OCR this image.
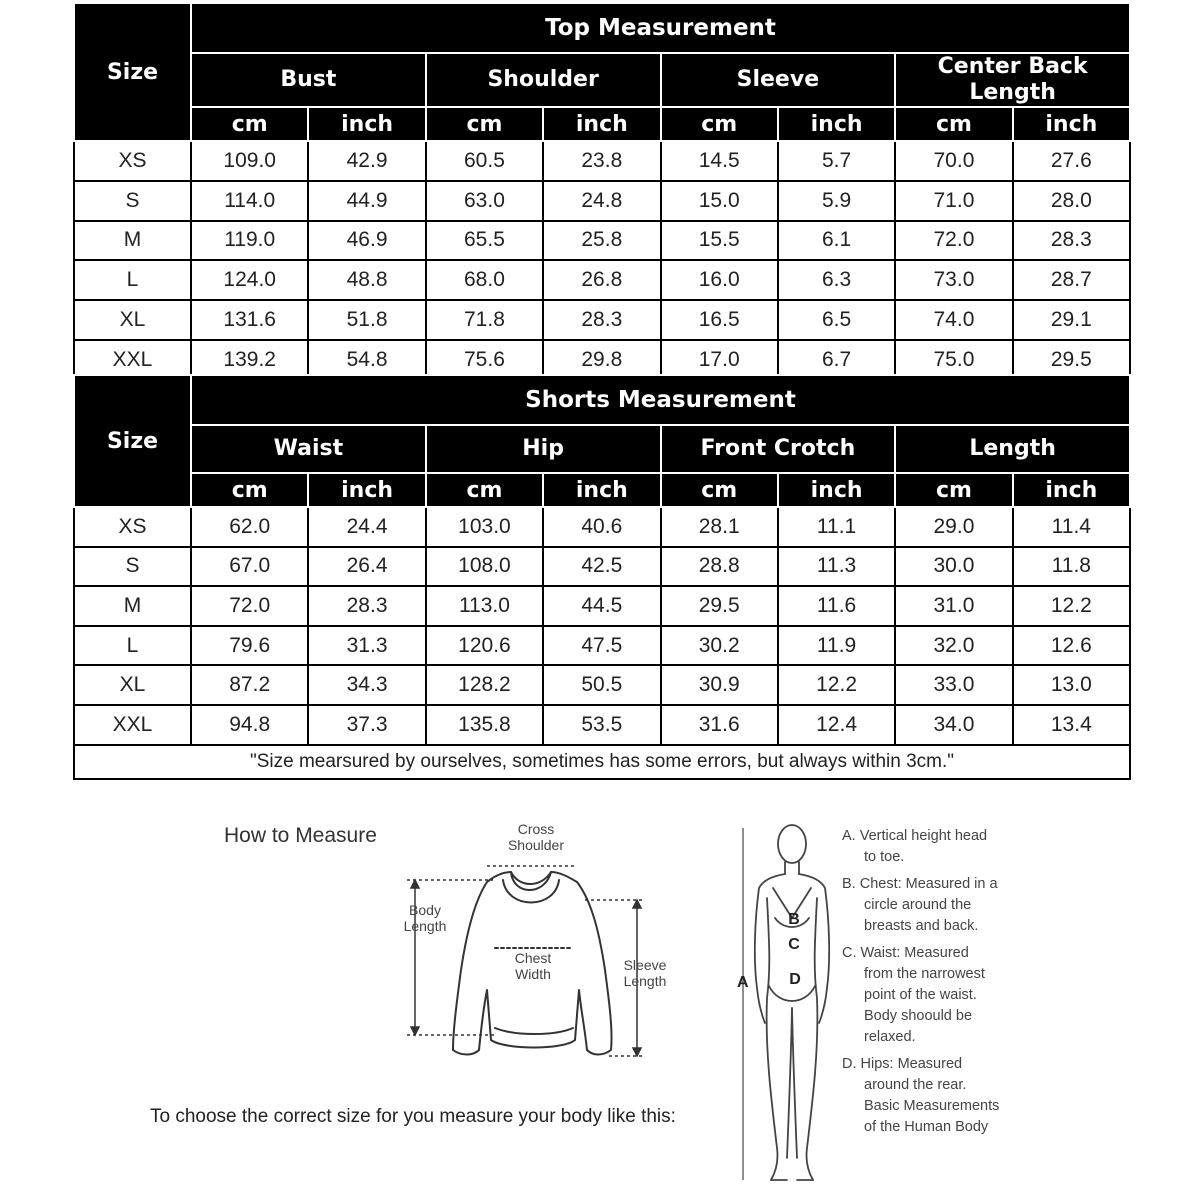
Size	Top Measurement							
	Bust		Shoulder		Sleeve		Center Back Length	
	cm	inch	cm	inch	cm	inch	cm	inch
XS	109.0	42.9	60.5	23.8	14.5	5.7	70.0	27.6
S	114.0	44.9	63.0	24.8	15.0	5.9	71.0	28.0
M	119.0	46.9	65.5	25.8	15.5	6.1	72.0	28.3
L	124.0	48.8	68.0	26.8	16.0	6.3	73.0	28.7
XL	131.6	51.8	71.8	28.3	16.5	6.5	74.0	29.1
XXL	139.2	54.8	75.6	29.8	17.0	6.7	75.0	29.5
Size	Shorts Measurement							
	Waist		Hip		Front Crotch		Length	
	cm	inch	cm	inch	cm	inch	cm	inch
XS	62.0	24.4	103.0	40.6	28.1	11.1	29.0	11.4
S	67.0	26.4	108.0	42.5	28.8	11.3	30.0	11.8
M	72.0	28.3	113.0	44.5	29.5	11.6	31.0	12.2
L	79.6	31.3	120.6	47.5	30.2	11.9	32.0	12.6
XL	87.2	34.3	128.2	50.5	30.9	12.2	33.0	13.0
XXL	94.8	37.3	135.8	53.5	31.6	12.4	34.0	13.4
"Size mearsured by ourselves, sometimes has some errors, but always within 3cm."								
How to Measure	Cross
Shoulder
Body
Length
Chest
Width
Sleeve
Length
To choose the correct size for you measure your body like this:
B
C
D
A
A. Vertical height head
to toe.
B. Chest: Measured in a
circle around the
breasts and back.
C. Waist: Measured
from the narrowest
point of the waist.
Body shoould be
relaxed.
D. Hips: Measured
around the rear.
Basic Measurements
of the Human Body
